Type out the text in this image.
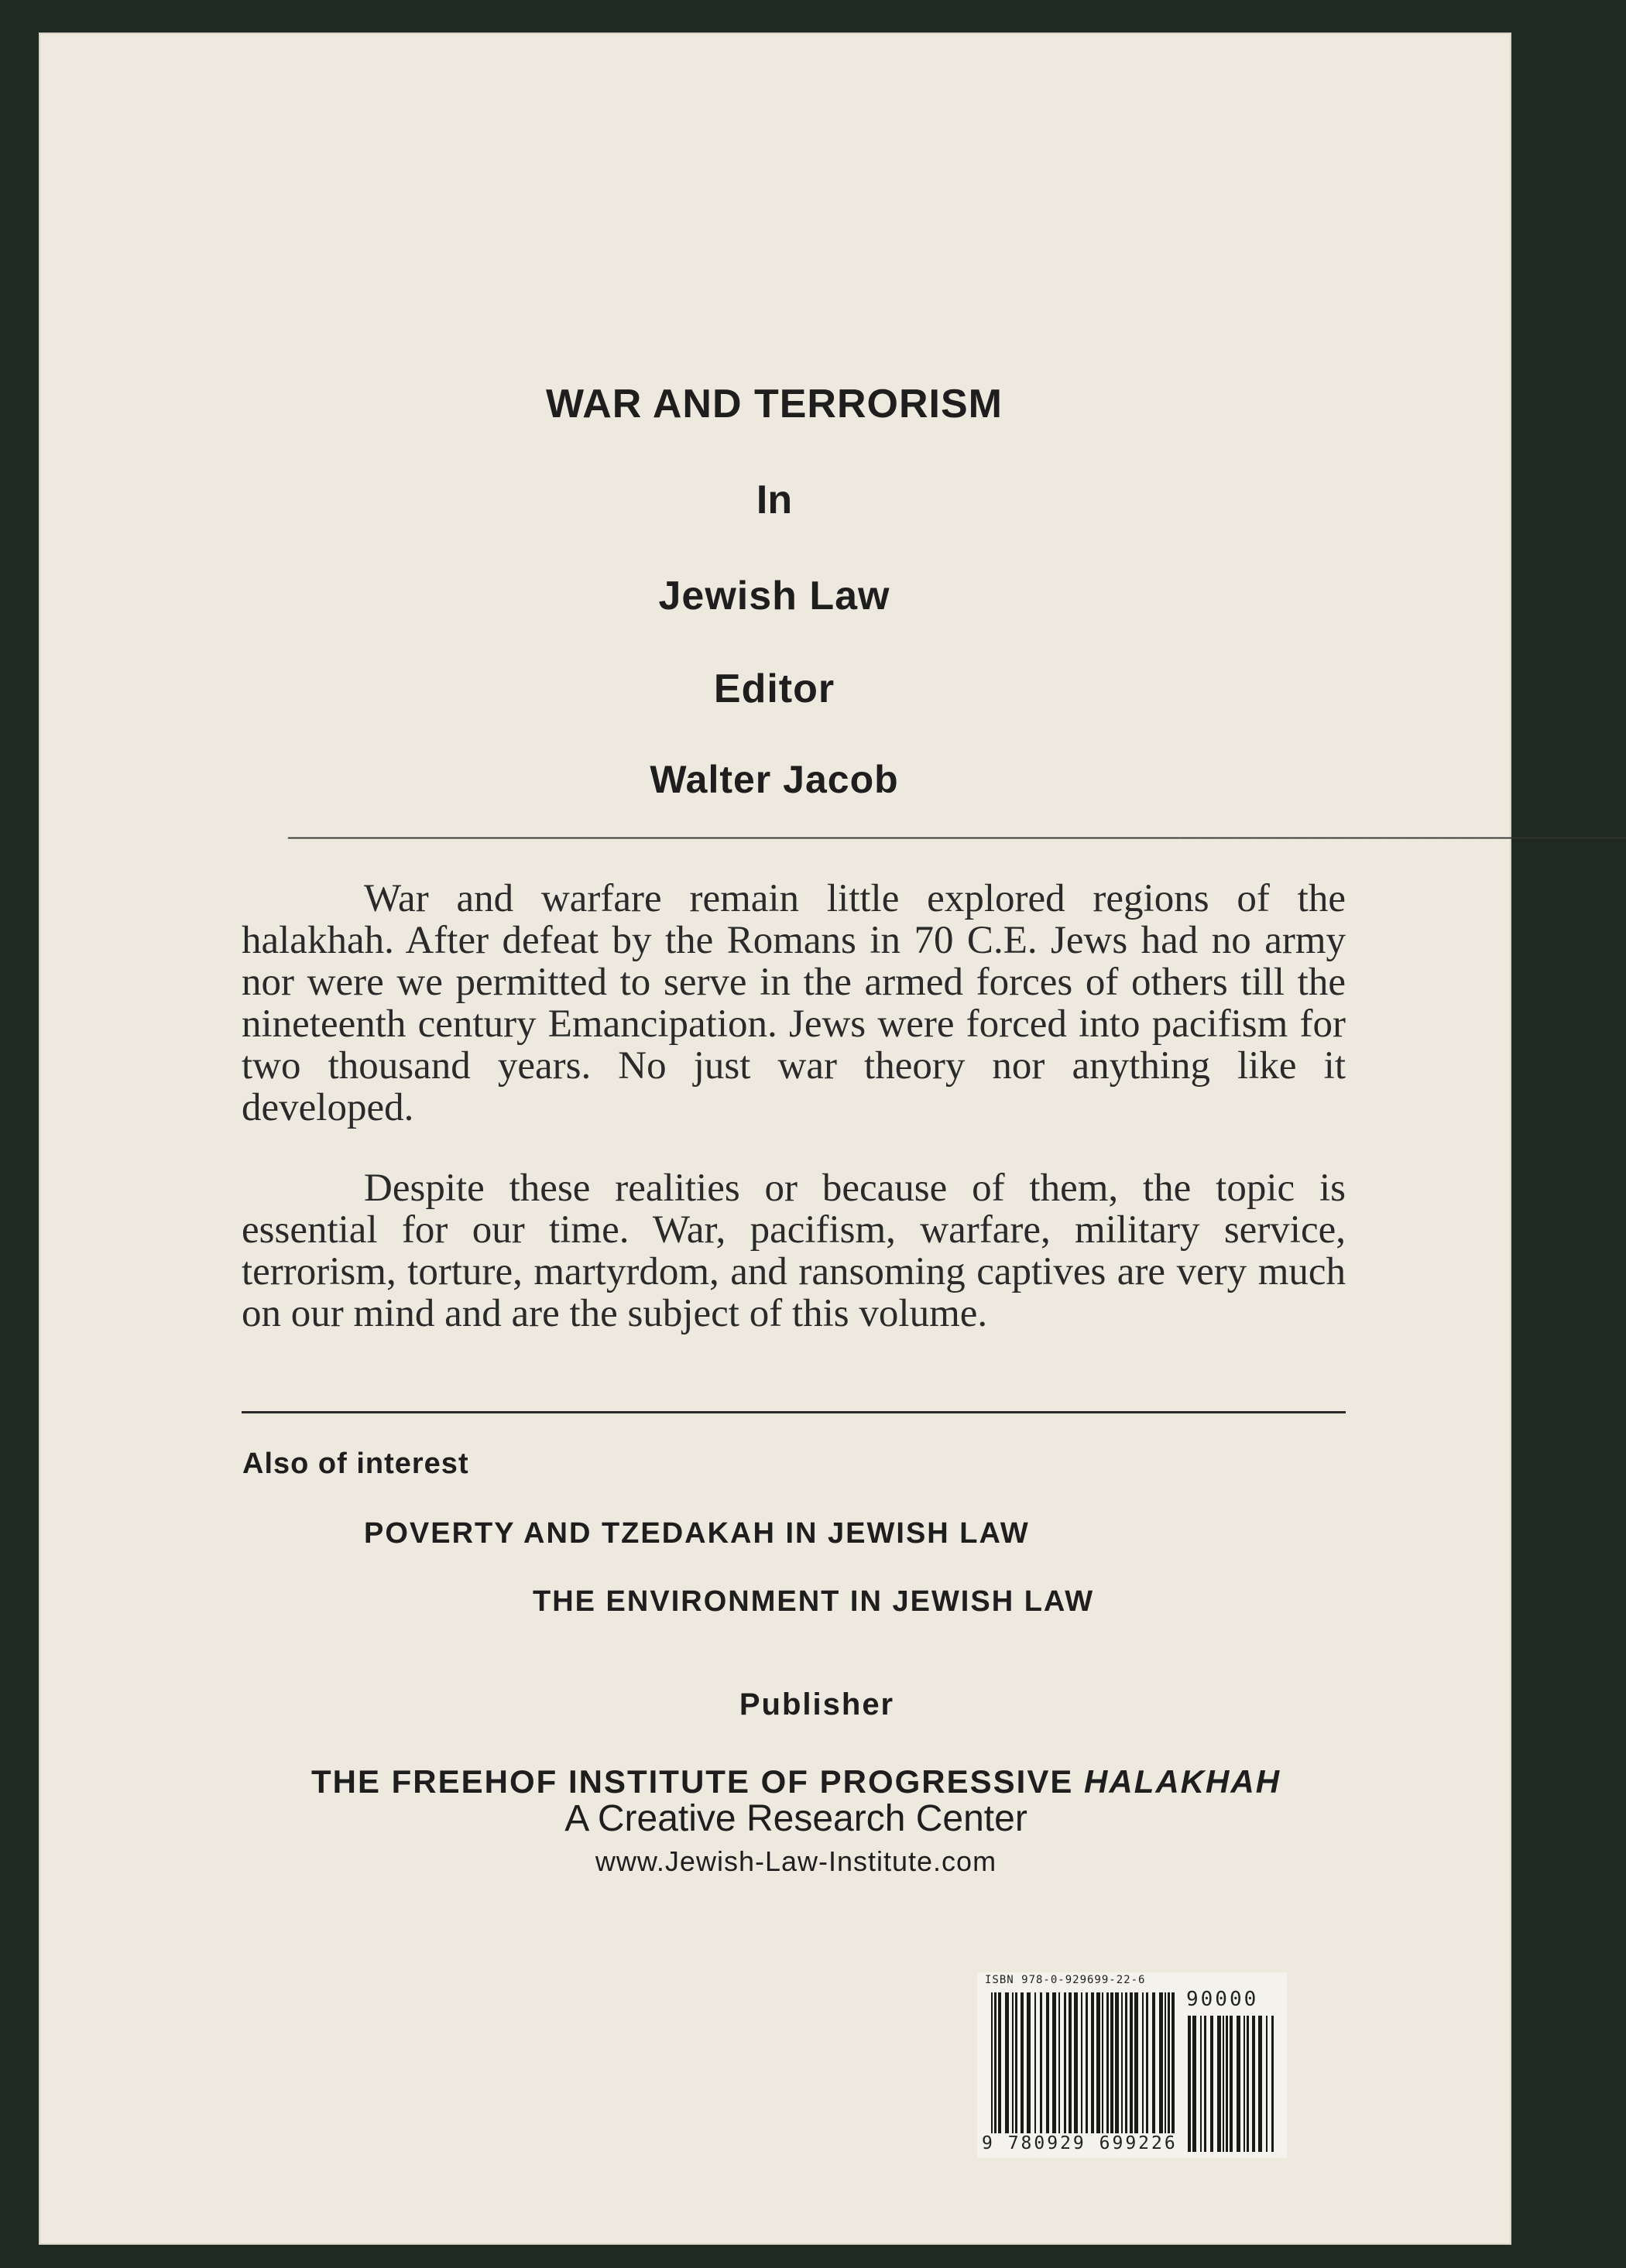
WAR AND TERRORISM
In
Jewish Law
Editor
Walter Jacob
________________________________________________________________________

War and warfare remain little explored regions of the halakhah. After defeat by the Romans in 70 C.E. Jews had no army nor were we permitted to serve in the armed forces of others till the nineteenth century Emancipation. Jews were forced into pacifism for two thousand years. No just war theory nor anything like it developed.

Despite these realities or because of them, the topic is essential for our time. War, pacifism, warfare, military service, terrorism, torture, martyrdom, and ransoming captives are very much on our mind and are the subject of this volume.

Also of interest
POVERTY AND TZEDAKAH IN JEWISH LAW
THE ENVIRONMENT IN JEWISH LAW
Publisher
THE FREEHOF INSTITUTE OF PROGRESSIVE HALAKHAH
A Creative Research Center
www.Jewish-Law-Institute.com
ISBN 978-0-929699-22-6
90000
9 780929 699226
